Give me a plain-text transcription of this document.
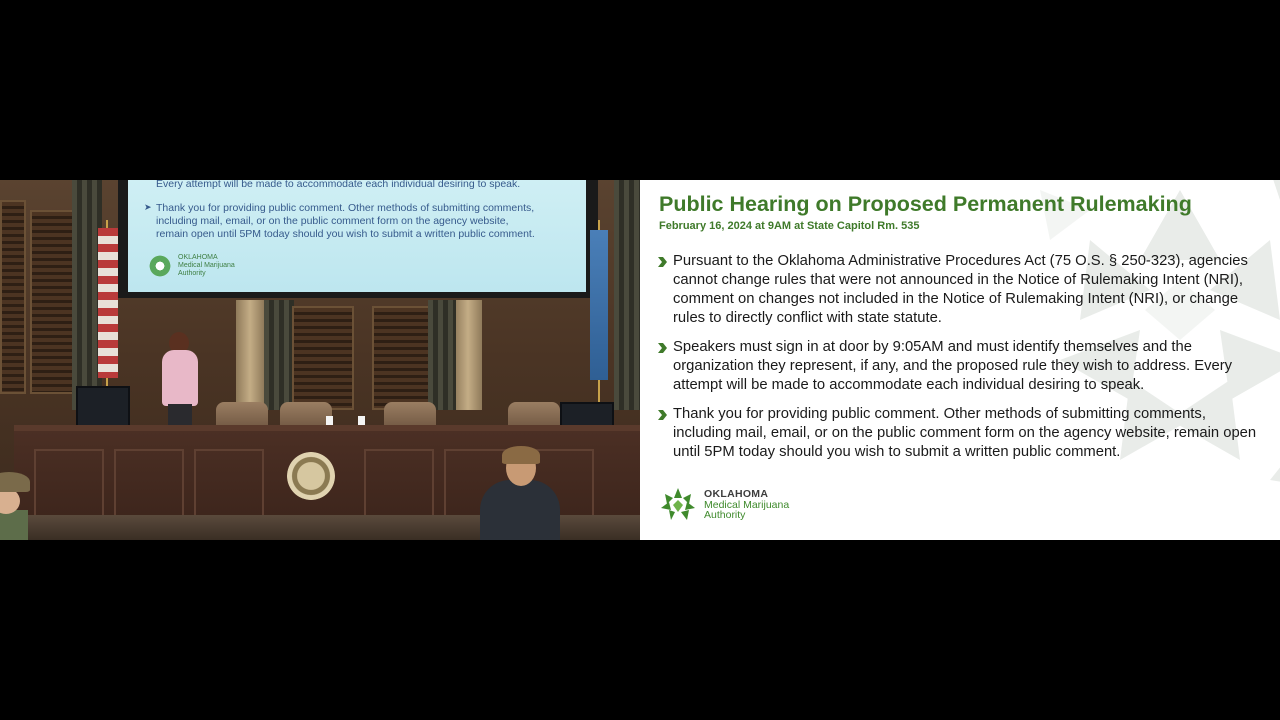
Every attempt will be made to accommodate each individual desiring to speak.

➤ Thank you for providing public comment. Other methods of submitting comments,

including mail, email, or on the public comment form on the agency website,

remain open until 5PM today should you wish to submit a written public comment.

OKLAHOMA
Medical Marijuana
Authority
Public Hearing on Proposed Permanent Rulemaking
February 16, 2024 at 9AM at State Capitol Rm. 535
Pursuant to the Oklahoma Administrative Procedures Act (75 O.S. § 250-323), agencies cannot change rules that were not announced in the Notice of Rulemaking Intent (NRI), comment on changes not included in the Notice of Rulemaking Intent (NRI), or change rules to directly conflict with state statute.
Speakers must sign in at door by 9:05AM and must identify themselves and the organization they represent, if any, and the proposed rule they wish to address. Every attempt will be made to accommodate each individual desiring to speak.
Thank you for providing public comment. Other methods of submitting comments, including mail, email, or on the public comment form on the agency website, remain open until 5PM today should you wish to submit a written public comment.
OKLAHOMA
Medical Marijuana
Authority
